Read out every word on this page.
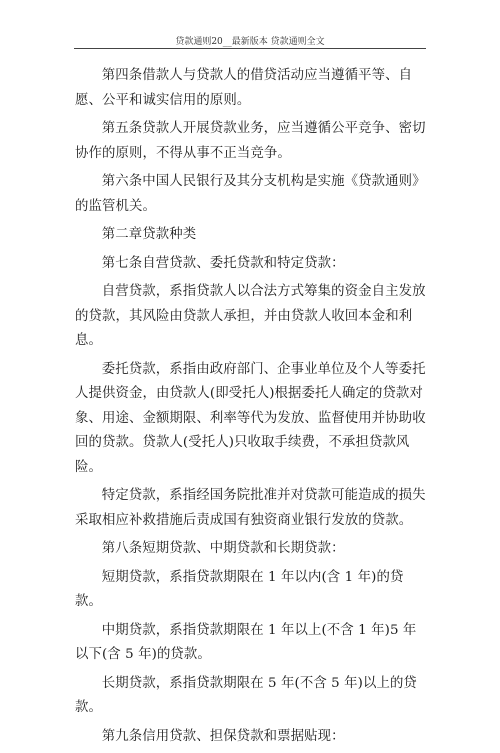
贷款通则20__最新版本 贷款通则全文

第四条借款人与贷款人的借贷活动应当遵循平等、自愿、公平和诚实信用的原则。

第五条贷款人开展贷款业务，应当遵循公平竞争、密切协作的原则，不得从事不正当竞争。

第六条中国人民银行及其分支机构是实施《贷款通则》的监管机关。

第二章贷款种类

第七条自营贷款、委托贷款和特定贷款：

自营贷款，系指贷款人以合法方式筹集的资金自主发放的贷款，其风险由贷款人承担，并由贷款人收回本金和利息。

委托贷款，系指由政府部门、企事业单位及个人等委托人提供资金，由贷款人(即受托人)根据委托人确定的贷款对象、用途、金额期限、利率等代为发放、监督使用并协助收回的贷款。贷款人(受托人)只收取手续费，不承担贷款风险。

特定贷款，系指经国务院批准并对贷款可能造成的损失采取相应补救措施后责成国有独资商业银行发放的贷款。

第八条短期贷款、中期贷款和长期贷款：

短期贷款，系指贷款期限在 1 年以内(含 1 年)的贷款。

中期贷款，系指贷款期限在 1 年以上(不含 1 年)5 年以下(含 5 年)的贷款。

长期贷款，系指贷款期限在 5 年(不含 5 年)以上的贷款。

第九条信用贷款、担保贷款和票据贴现：
